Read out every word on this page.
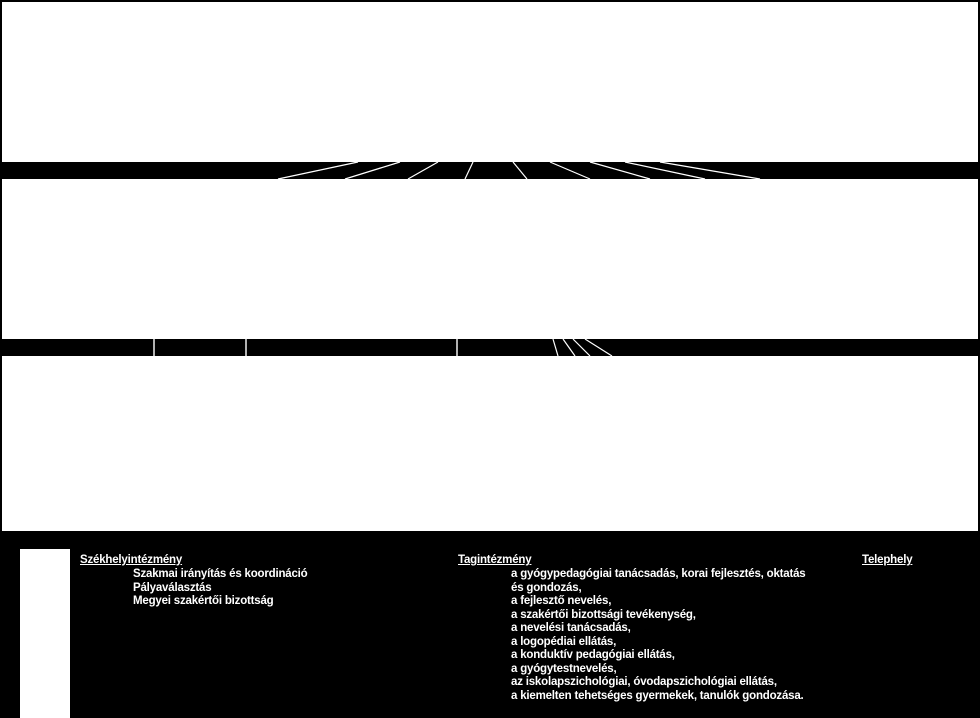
Székhelyintézmény
Szakmai irányítás és koordináció
Pályaválasztás
Megyei szakértői bizottság
Tagintézmény
a gyógypedagógiai tanácsadás, korai fejlesztés, oktatás
és gondozás,
a fejlesztő nevelés,
a szakértői bizottsági tevékenység,
a nevelési tanácsadás,
a logopédiai ellátás,
a konduktív pedagógiai ellátás,
a gyógytestnevelés,
az iskolapszichológiai, óvodapszichológiai ellátás,
a kiemelten tehetséges gyermekek, tanulók gondozása.
Telephely
